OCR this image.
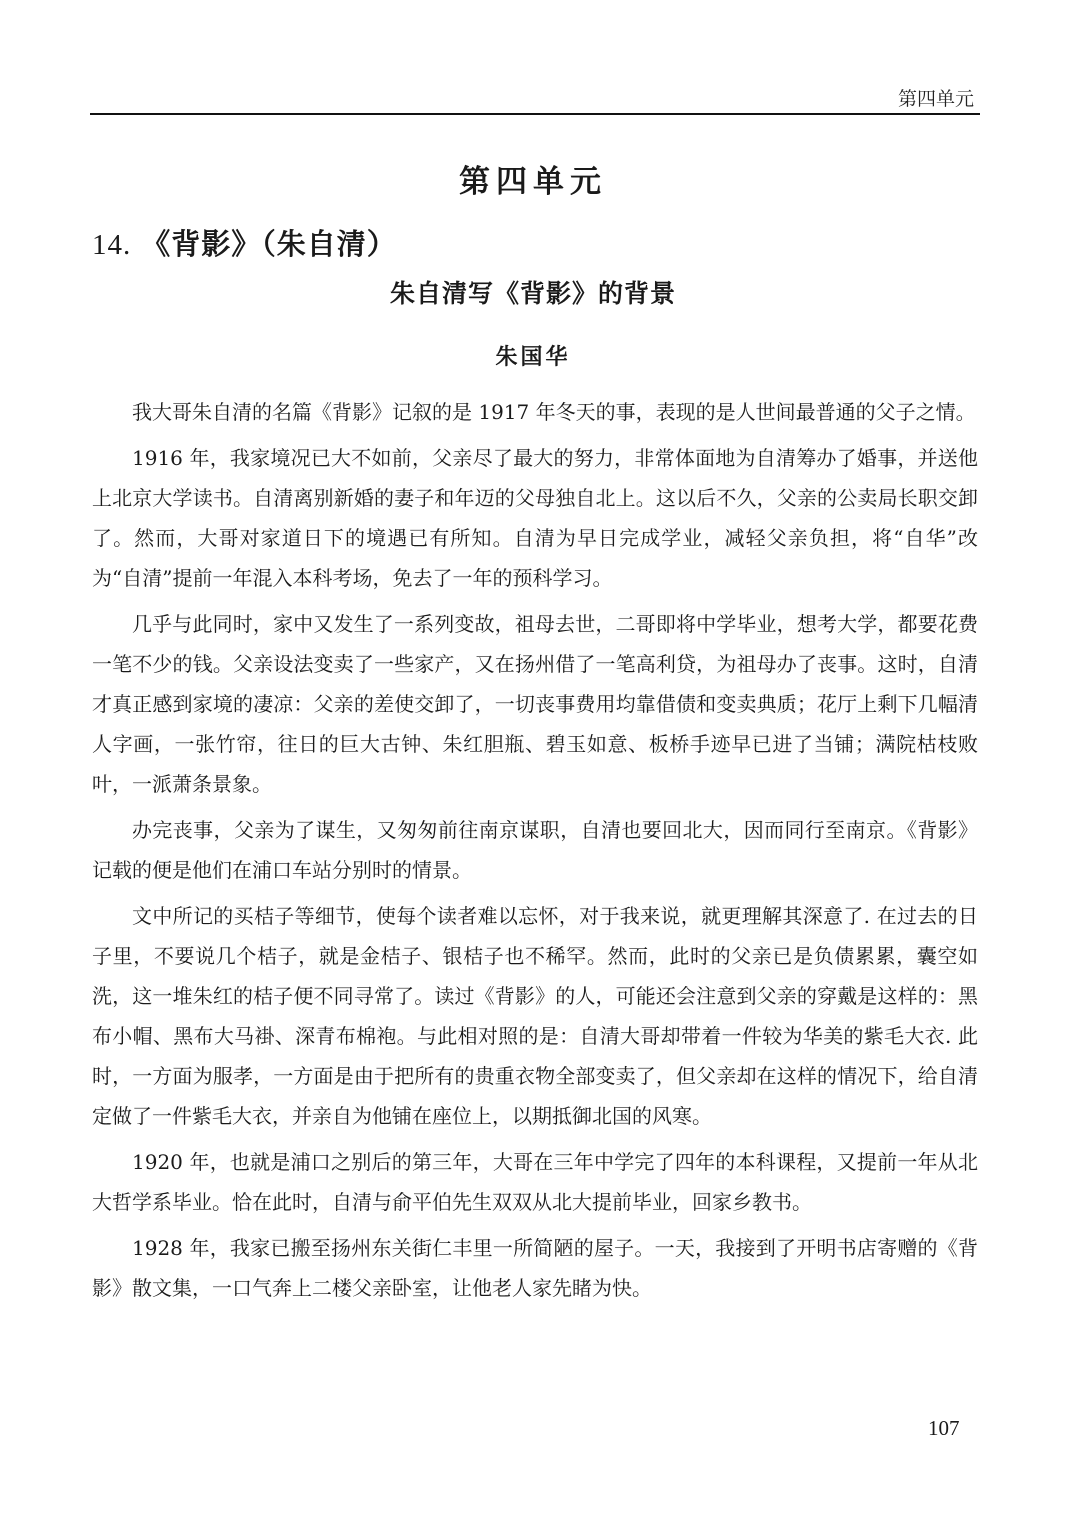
第四单元
第四单元
14. 《背影》（朱自清）
朱自清写《背影》的背景
朱国华

我大哥朱自清的名篇《背影》记叙的是 1917 年冬天的事，表现的是人世间最普通的父子之情。

1916 年，我家境况已大不如前，父亲尽了最大的努力，非常体面地为自清筹办了婚事，并送他上北京大学读书。自清离别新婚的妻子和年迈的父母独自北上。这以后不久，父亲的公卖局长职交卸了。然而，大哥对家道日下的境遇已有所知。自清为早日完成学业，减轻父亲负担，将“自华”改为“自清”提前一年混入本科考场，免去了一年的预科学习。

几乎与此同时，家中又发生了一系列变故，祖母去世，二哥即将中学毕业，想考大学，都要花费一笔不少的钱。父亲设法变卖了一些家产，又在扬州借了一笔高利贷，为祖母办了丧事。这时，自清才真正感到家境的凄凉：父亲的差使交卸了，一切丧事费用均靠借债和变卖典质；花厅上剩下几幅清人字画，一张竹帘，往日的巨大古钟、朱红胆瓶、碧玉如意、板桥手迹早已进了当铺；满院枯枝败叶，一派萧条景象。

办完丧事，父亲为了谋生，又匆匆前往南京谋职，自清也要回北大，因而同行至南京。《背影》记载的便是他们在浦口车站分别时的情景。

文中所记的买桔子等细节，使每个读者难以忘怀，对于我来说，就更理解其深意了. 在过去的日子里，不要说几个桔子，就是金桔子、银桔子也不稀罕。然而，此时的父亲已是负债累累，囊空如洗，这一堆朱红的桔子便不同寻常了。读过《背影》的人，可能还会注意到父亲的穿戴是这样的：黑布小帽、黑布大马褂、深青布棉袍。与此相对照的是：自清大哥却带着一件较为华美的紫毛大衣. 此时，一方面为服孝，一方面是由于把所有的贵重衣物全部变卖了，但父亲却在这样的情况下，给自清定做了一件紫毛大衣，并亲自为他铺在座位上，以期抵御北国的风寒。

1920 年，也就是浦口之别后的第三年，大哥在三年中学完了四年的本科课程，又提前一年从北大哲学系毕业。恰在此时，自清与俞平伯先生双双从北大提前毕业，回家乡教书。

1928 年，我家已搬至扬州东关街仁丰里一所简陋的屋子。一天，我接到了开明书店寄赠的《背影》散文集，一口气奔上二楼父亲卧室，让他老人家先睹为快。

107
